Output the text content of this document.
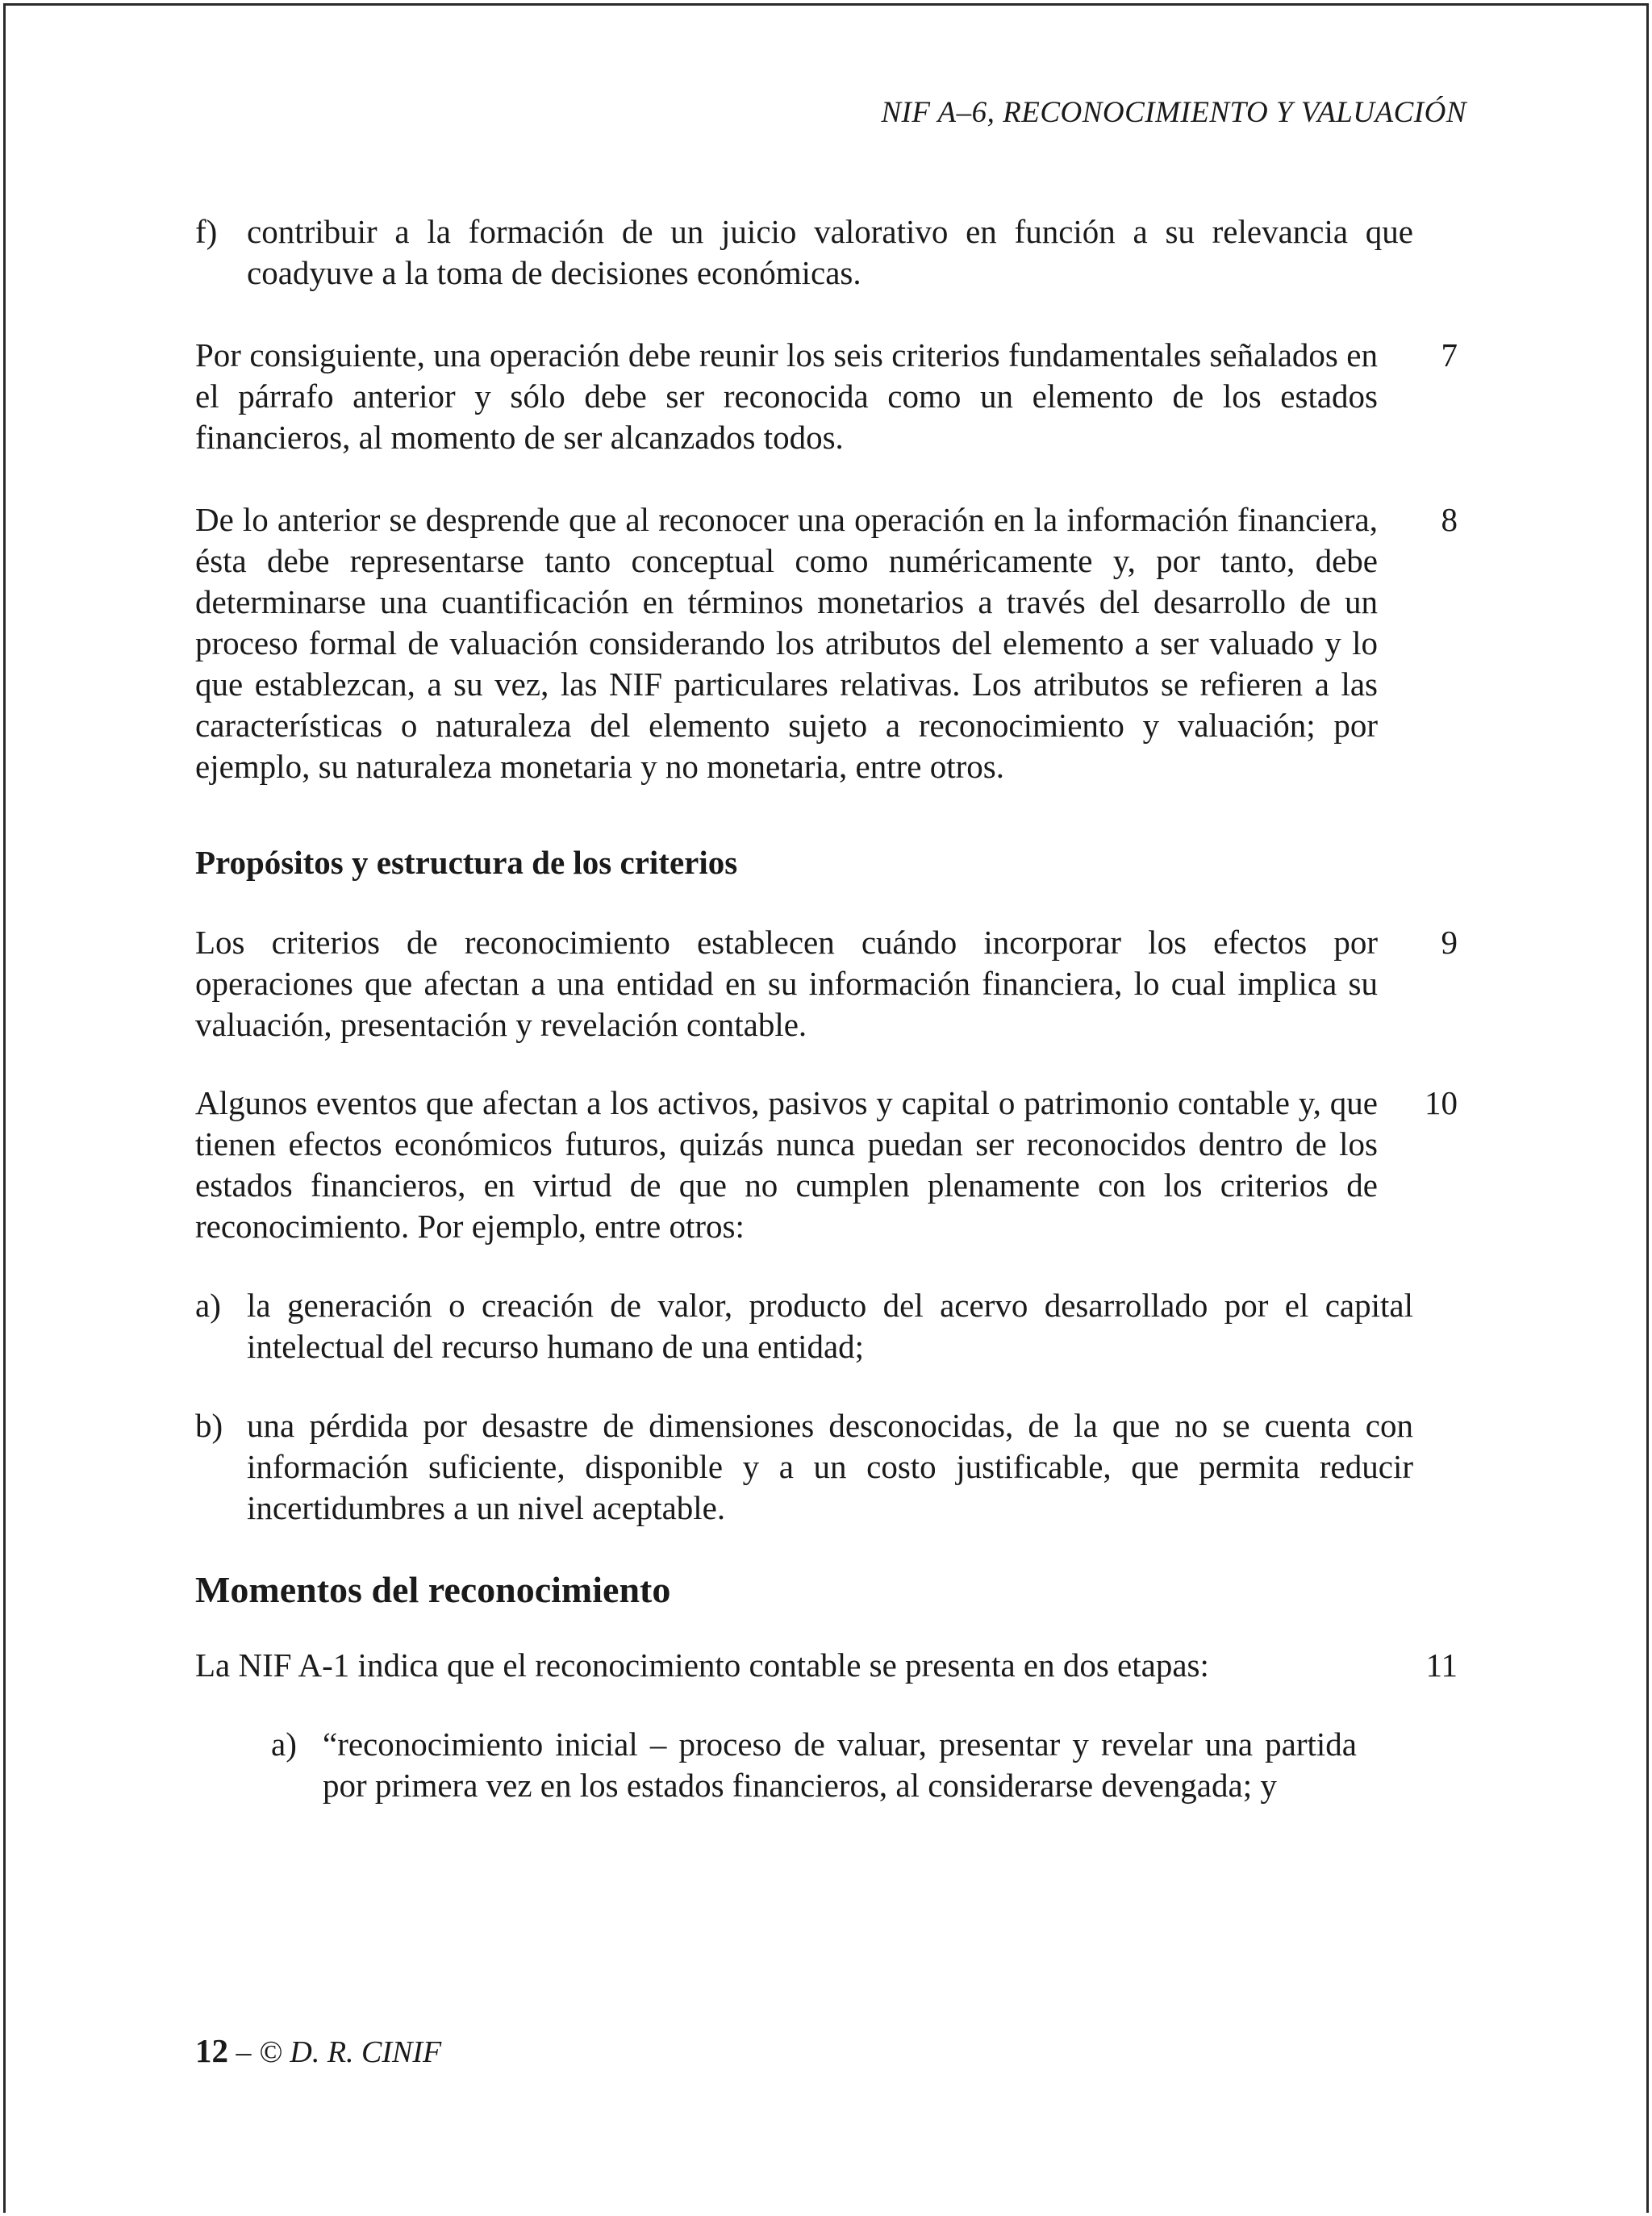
NIF A–6, RECONOCIMIENTO Y VALUACIÓN
f) contribuir a la formación de un juicio valorativo en función a su relevancia que coadyuve a la toma de decisiones económicas.
Por consiguiente, una operación debe reunir los seis criterios fundamentales señalados en el párrafo anterior y sólo debe ser reconocida como un elemento de los estados financieros, al momento de ser alcanzados todos.
7
De lo anterior se desprende que al reconocer una operación en la información financiera, ésta debe representarse tanto conceptual como numéricamente y, por tanto, debe determinarse una cuantificación en términos monetarios a través del desarrollo de un proceso formal de valuación considerando los atributos del elemento a ser valuado y lo que establezcan, a su vez, las NIF particulares relativas. Los atributos se refieren a las características o naturaleza del elemento sujeto a reconocimiento y valuación; por ejemplo, su naturaleza monetaria y no monetaria, entre otros.
8
Propósitos y estructura de los criterios
Los criterios de reconocimiento establecen cuándo incorporar los efectos por operaciones que afectan a una entidad en su información financiera, lo cual implica su valuación, presentación y revelación contable.
9
Algunos eventos que afectan a los activos, pasivos y capital o patrimonio contable y, que tienen efectos económicos futuros, quizás nunca puedan ser reconocidos dentro de los estados financieros, en virtud de que no cumplen plenamente con los criterios de reconocimiento. Por ejemplo, entre otros:
10
a) la generación o creación de valor, producto del acervo desarrollado por el capital intelectual del recurso humano de una entidad;
b) una pérdida por desastre de dimensiones desconocidas, de la que no se cuenta con información suficiente, disponible y a un costo justificable, que permita reducir incertidumbres a un nivel aceptable.
Momentos del reconocimiento
La NIF A-1 indica que el reconocimiento contable se presenta en dos etapas:	11
a) “reconocimiento inicial – proceso de valuar, presentar y revelar una partida por primera vez en los estados financieros, al considerarse devengada; y
12 – © D. R. CINIF
